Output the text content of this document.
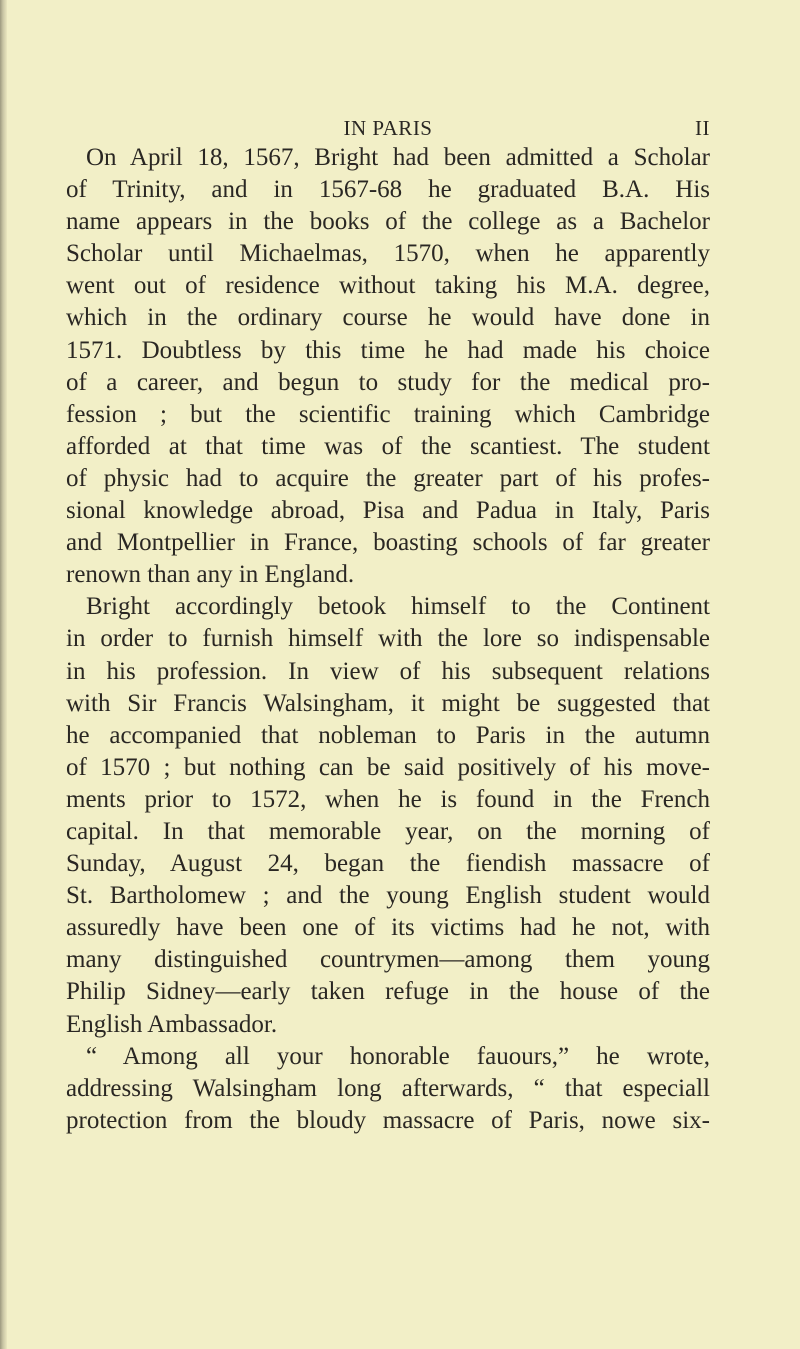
IN PARIS	II
On April 18, 1567, Bright had been admitted a Scholar
of Trinity, and in 1567-68 he graduated B.A. His
name appears in the books of the college as a Bachelor
Scholar until Michaelmas, 1570, when he apparently
went out of residence without taking his M.A. degree,
which in the ordinary course he would have done in
1571. Doubtless by this time he had made his choice
of a career, and begun to study for the medical pro-
fession ; but the scientific training which Cambridge
afforded at that time was of the scantiest. The student
of physic had to acquire the greater part of his profes-
sional knowledge abroad, Pisa and Padua in Italy, Paris
and Montpellier in France, boasting schools of far greater
renown than any in England.
Bright accordingly betook himself to the Continent
in order to furnish himself with the lore so indispensable
in his profession. In view of his subsequent relations
with Sir Francis Walsingham, it might be suggested that
he accompanied that nobleman to Paris in the autumn
of 1570 ; but nothing can be said positively of his move-
ments prior to 1572, when he is found in the French
capital. In that memorable year, on the morning of
Sunday, August 24, began the fiendish massacre of
St. Bartholomew ; and the young English student would
assuredly have been one of its victims had he not, with
many distinguished countrymen—among them young
Philip Sidney—early taken refuge in the house of the
English Ambassador.
“ Among all your honorable fauours,” he wrote,
addressing Walsingham long afterwards, “ that especiall
protection from the bloudy massacre of Paris, nowe six-
